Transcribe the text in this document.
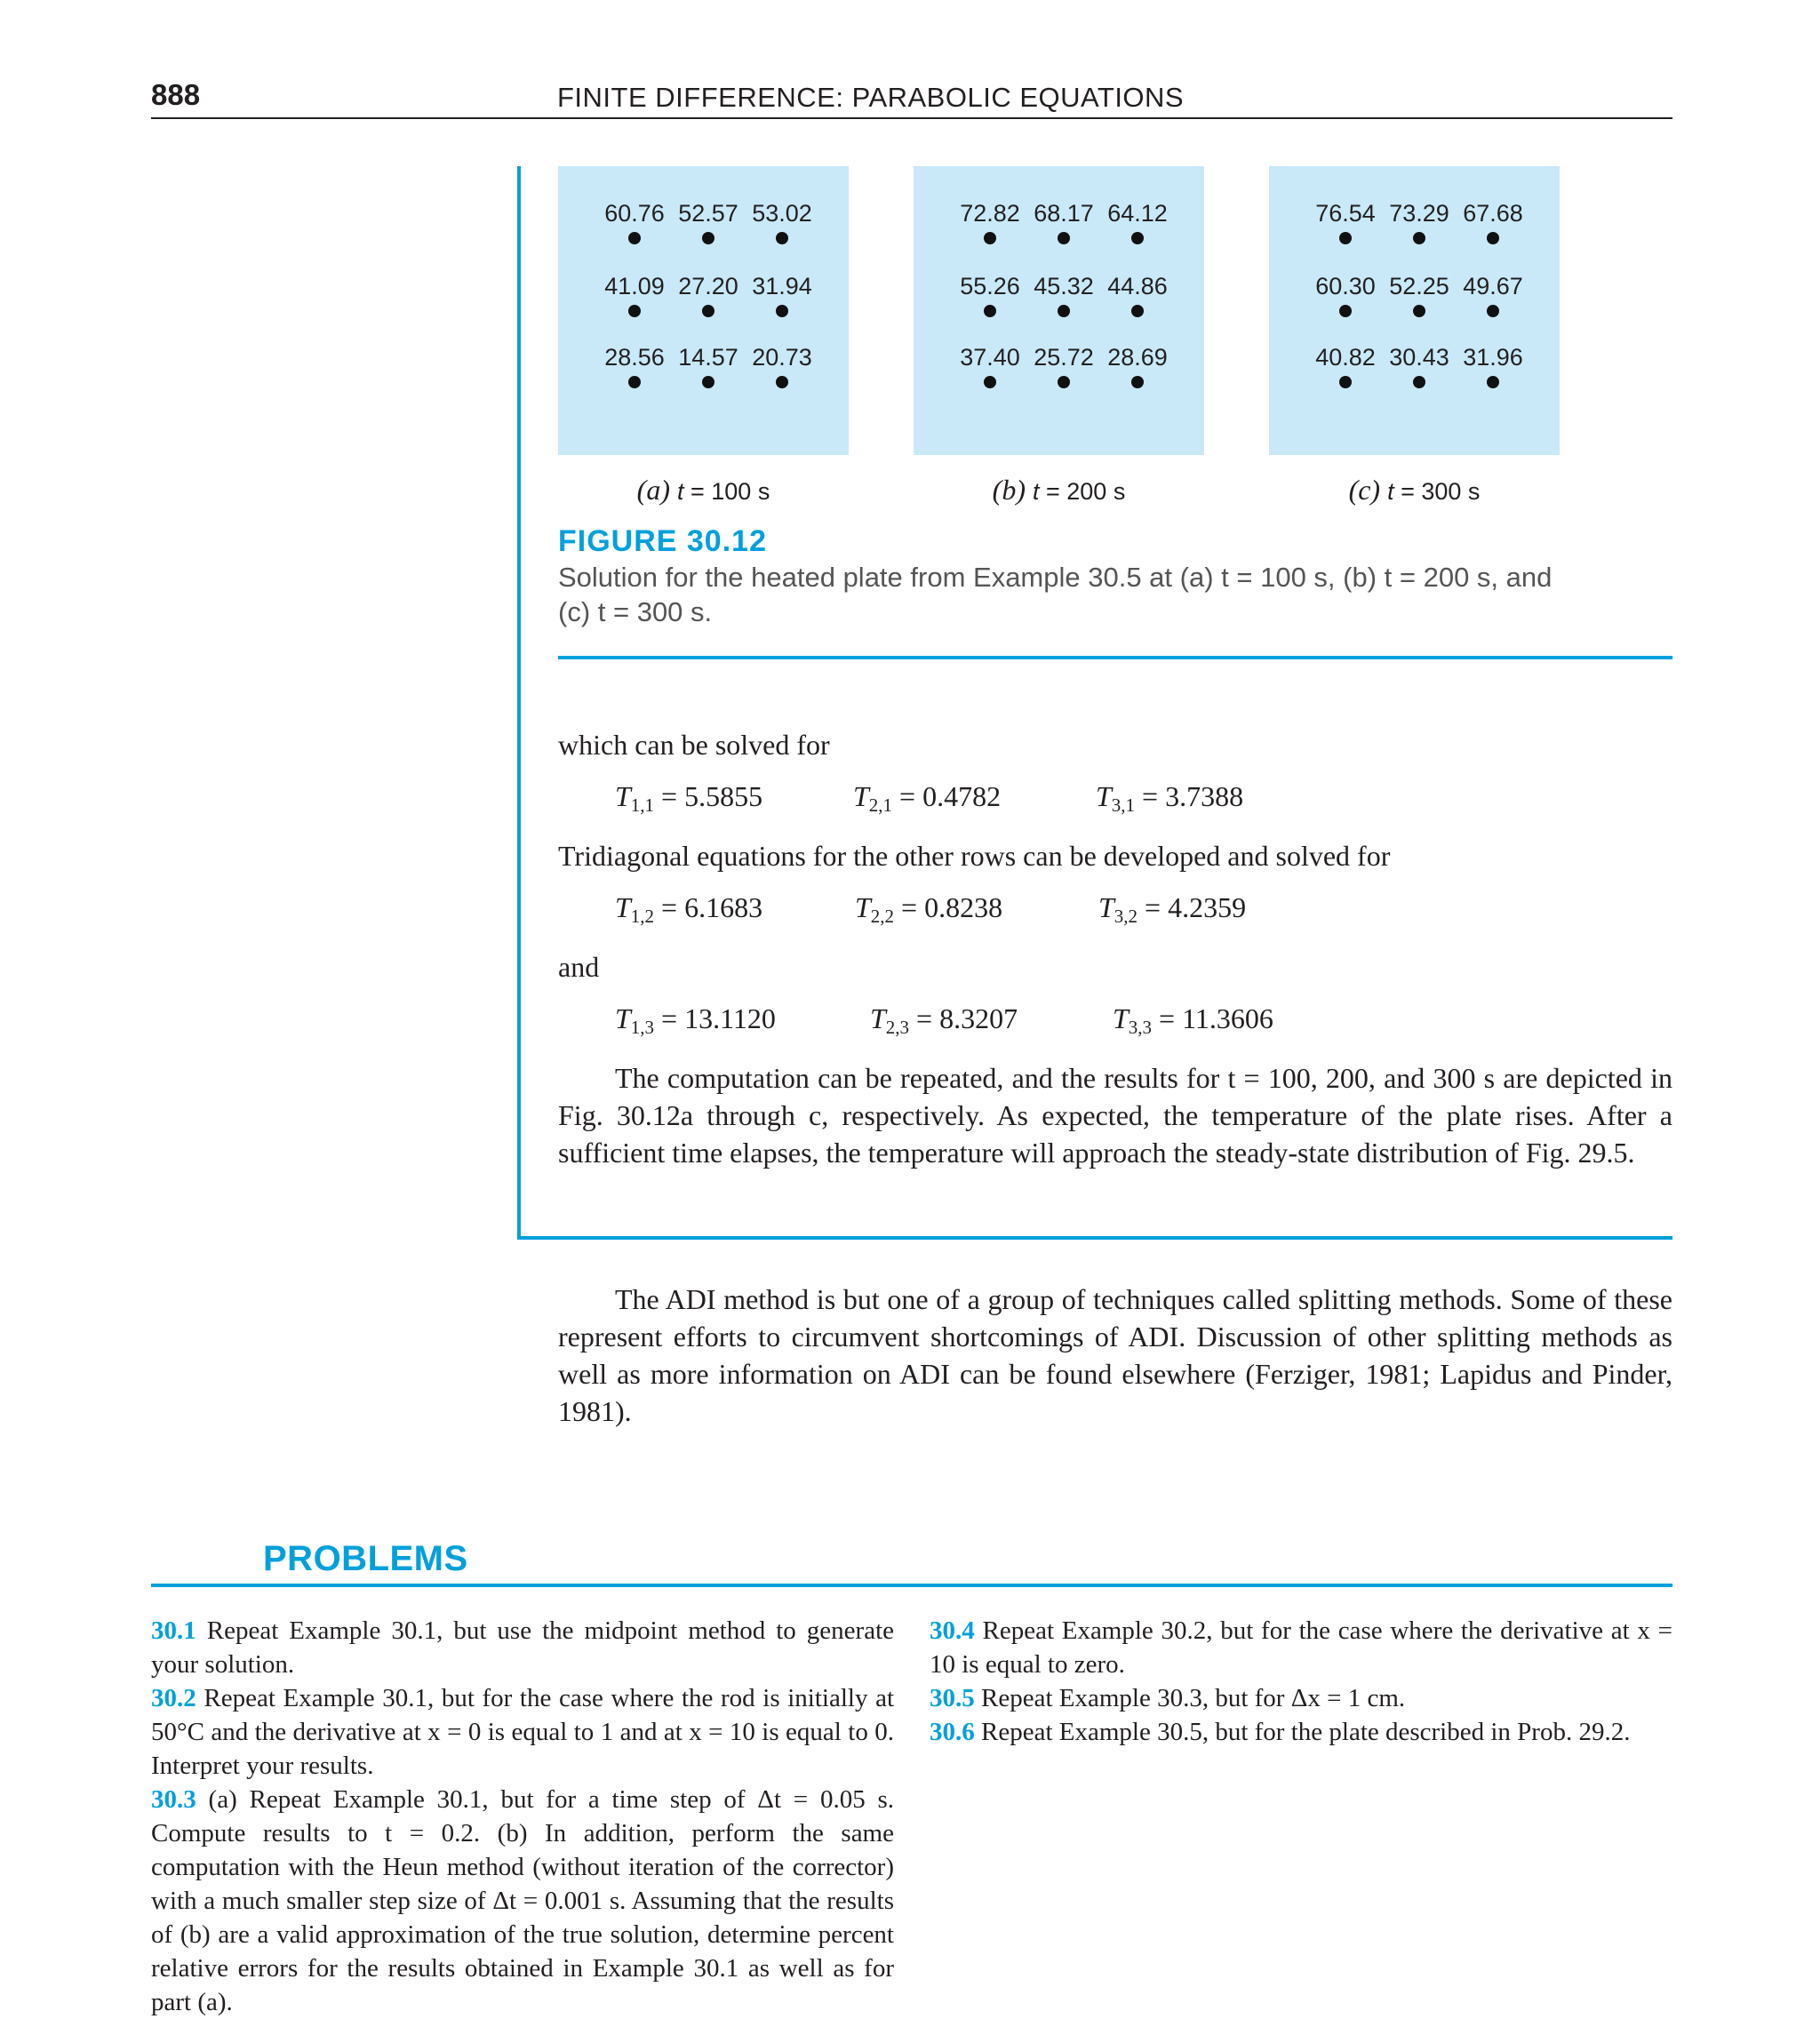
888	FINITE DIFFERENCE: PARABOLIC EQUATIONS
60.76 52.57 53.02
41.09 27.20 31.94
28.56 14.57 20.73
72.82 68.17 64.12
55.26 45.32 44.86
37.40 25.72 28.69
76.54 73.29 67.68
60.30 52.25 49.67
40.82 30.43 31.96
(a) t = 100 s	(b) t = 200 s	(c) t = 300 s
FIGURE 30.12
Solution for the heated plate from Example 30.5 at (a) t = 100 s, (b) t = 200 s, and (c) t = 300 s.
which can be solved for
$T_{1,1} = 5.5855$	$T_{2,1} = 0.4782$	$T_{3,1} = 3.7388$
Tridiagonal equations for the other rows can be developed and solved for
$T_{1,2} = 6.1683$	$T_{2,2} = 0.8238$	$T_{3,2} = 4.2359$
and
$T_{1,3} = 13.1120$	$T_{2,3} = 8.3207$	$T_{3,3} = 11.3606$
The computation can be repeated, and the results for t = 100, 200, and 300 s are depicted in Fig. 30.12a through c, respectively. As expected, the temperature of the plate rises. After a sufficient time elapses, the temperature will approach the steady-state distribution of Fig. 29.5.
The ADI method is but one of a group of techniques called splitting methods. Some of these represent efforts to circumvent shortcomings of ADI. Discussion of other splitting methods as well as more information on ADI can be found elsewhere (Ferziger, 1981; Lapidus and Pinder, 1981).
PROBLEMS
30.1 Repeat Example 30.1, but use the midpoint method to generate your solution.
30.2 Repeat Example 30.1, but for the case where the rod is initially at 50°C and the derivative at x = 0 is equal to 1 and at x = 10 is equal to 0. Interpret your results.
30.3 (a) Repeat Example 30.1, but for a time step of Δt = 0.05 s. Compute results to t = 0.2. (b) In addition, perform the same computation with the Heun method (without iteration of the corrector) with a much smaller step size of Δt = 0.001 s. Assuming that the results of (b) are a valid approximation of the true solution, determine percent relative errors for the results obtained in Example 30.1 as well as for part (a).
30.4 Repeat Example 30.2, but for the case where the derivative at x = 10 is equal to zero.
30.5 Repeat Example 30.3, but for Δx = 1 cm.
30.6 Repeat Example 30.5, but for the plate described in Prob. 29.2.
